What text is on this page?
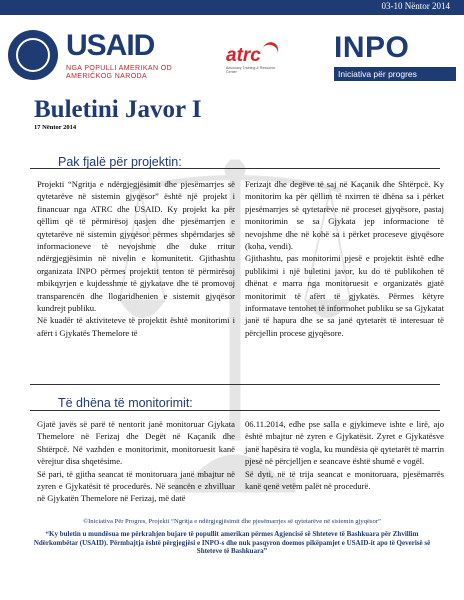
03-10 Nëntor 2014
USAID
NGA POPULLI AMERIKAN OD AMERIČKOG NARODA
atrc
Advocacy Training & Resource Center
INPO
Iniciativa për progres
Buletini Javor I
17 Nëntor 2014
Pak fjalë për projektin:

Projekti “Ngritja e ndërgjegjësimit dhe pjesëmarrjes së qytetarëve në sistemin gjyqësor” është një projekt i financuar nga ATRC dhe USAID. Ky projekt ka për qëllim që të përmirësoj qasjen dhe pjesëmarrjen e qytetarëve në sistemin gjyqësor përmes shpërndarjes së informacioneve të nevojshme dhe duke rritur ndërgjegjësimin në nivelin e komunitetit. Gjithashtu organizata INPO përmes projektit tenton të përmirësoj mbikqyrjen e kujdesshme të gjykatave dhe të promovoj transparencën dhe llogaridhenien e sistemit gjyqësor kundrejt publiku.

Në kuadër të aktiviteteve të projektit është monitorimi i afërt i Gjykatës Themelore të

Ferizajt dhe degëve të saj në Kaçanik dhe Shtërpcë. Ky monitorim ka për qëllim të nxirren të dhëna sa i përket pjesëmarrjes së qytetarëve në proceset gjyqësore, pastaj monitorimin se sa Gjykata jep informacione të nevojshme dhe në kohë sa i përket proceseve gjyqësore (koha, vendi).

Gjithashtu, pas monitorimi pjesë e projektit është edhe publikimi i një buletini javor, ku do të publikohen të dhënat e marra nga monitoruesit e organizatës gjatë monitorimit të afërt të gjykatës. Përmes këtyre informatave tentohet të informohet publiku se sa Gjykatat janë të hapura dhe se sa janë qytetarët të interesuar të përcjellin procese gjyqësore.

Të dhëna të monitorimit:

Gjatë javës së parë të nentorit janë monitoruar Gjykata Themelore në Ferizaj dhe Degët në Kaçanik dhe Shtërpcë. Në vazhden e monitorimit, monitoruesit kanë vërejtur disa shqetësime.

Së pari, të gjitha seancat të monitoruara janë mbajtur në zyren e Gjykatësit të procedurës. Në seancën e zhvilluar në Gjykatën Themelore në Ferizaj, më datë

06.11.2014, edhe pse salla e gjykimeve ishte e lirë, ajo është mbajtur në zyren e Gjykatësit. Zyret e Gjykatësve janë hapësira të vogla, ku mundësia që qytetarët të marrin pjesë në përcjelljen e seancave është shumë e vogël.

Së dyti, në të trija seancat e monitoruara, pjesëmarrës kanë qenë vetëm palët në procedurë.

©Iniciativa Për Progres, Projekti “Ngritja e ndërgjegjësimit dhe pjesëmarrjes së qytetarëve në sistemin gjyqësor”
“Ky buletin u mundësua me përkrahjen bujare të popullit amerikan përmes Agjencisë së Shteteve të Bashkuara për Zhvillim Ndërkombëtar (USAID). Përmbajtja është përgjegjësi e INPO-s dhe nuk pasqyron doemos pikëpamjet e USAID-it apo të Qeverisë së Shteteve të Bashkuara”
